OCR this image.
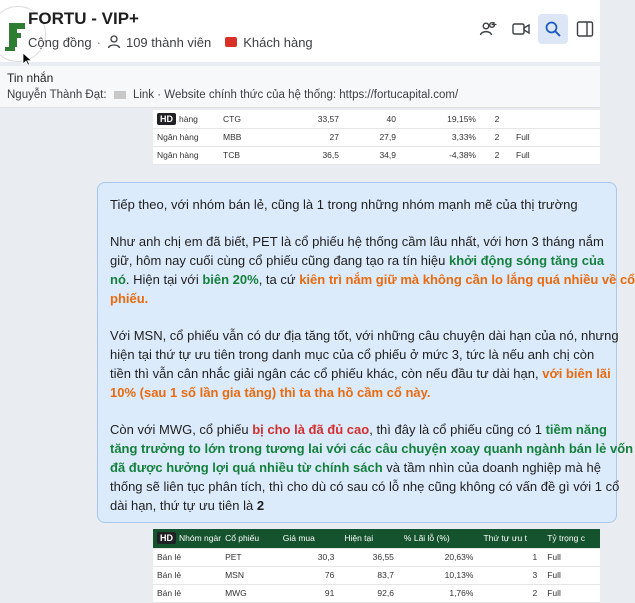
FORTU - VIP+
Cộng đồng · 109 thành viên Khách hàng
Tin nhắn
Nguyễn Thành Đạt: Link · Website chính thức của hệ thống: https://fortucapital.com/
HD hàng	CTG	33,57	40	19,15%	2	
Ngân hàng	MBB	27	27,9	3,33%	2	Full
Ngân hàng	TCB	36,5	34,9	-4,38%	2	Full

Tiếp theo, với nhóm bán lẻ, cũng là 1 trong những nhóm mạnh mẽ của thị trường

Như anh chị em đã biết, PET là cổ phiếu hệ thống cầm lâu nhất, với hơn 3 tháng nắm
giữ, hôm nay cuối cùng cổ phiếu cũng đang tạo ra tín hiệu khởi động sóng tăng của
nó. Hiện tại với biên 20%, ta cứ kiên trì nắm giữ mà không cần lo lắng quá nhiều về cổ
phiếu.

Với MSN, cổ phiếu vẫn có dư địa tăng tốt, với những câu chuyện dài hạn của nó, nhưng
hiện tại thứ tự ưu tiên trong danh mục của cổ phiếu ở mức 3, tức là nếu anh chị còn
tiền thì vẫn cân nhắc giải ngân các cổ phiếu khác, còn nếu đầu tư dài hạn, với biên lãi
10% (sau 1 số lần gia tăng) thì ta tha hồ cầm cổ này.

Còn với MWG, cổ phiếu bị cho là đã đủ cao, thì đây là cổ phiếu cũng có 1 tiềm năng
tăng trưởng to lớn trong tương lai với các câu chuyện xoay quanh ngành bán lẻ vốn
đã được hưởng lợi quá nhiều từ chính sách và tầm nhìn của doanh nghiệp mà hệ
thống sẽ liên tục phân tích, thì cho dù có sau có lỗ nhẹ cũng không có vấn đề gì với 1 cổ
dài hạn, thứ tự ưu tiên là 2

HD Nhóm ngàr	Cổ phiếu	Giá mua	Hiện tại	% Lãi lỗ (%)	Thứ tự ưu t	Tỷ trọng c
Bán lẻ	PET	30,3	36,55	20,63%	1	Full
Bán lẻ	MSN	76	83,7	10,13%	3	Full
Bán lẻ	MWG	91	92,6	1,76%	2	Full
